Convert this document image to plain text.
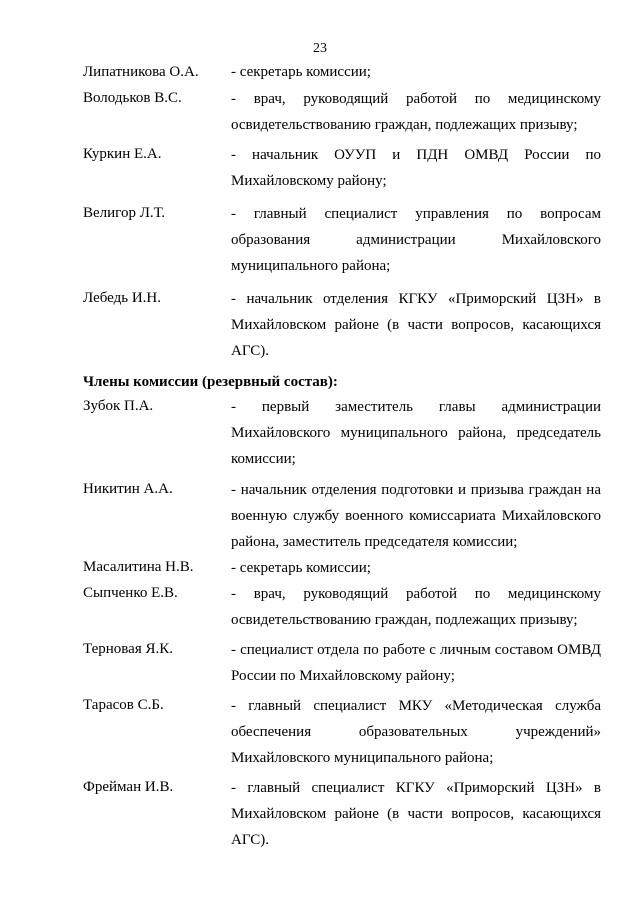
23
Липатникова О.А.	- секретарь комиссии;
Володьков В.С.	- врач, руководящий работой по медицинскому освидетельствованию граждан, подлежащих призыву;
Куркин Е.А.	- начальник ОУУП и ПДН ОМВД России по Михайловскому району;
Велигор Л.Т.	- главный специалист управления по вопросам образования администрации Михайловского муниципального района;
Лебедь И.Н.	- начальник отделения КГКУ «Приморский ЦЗН» в Михайловском районе (в части вопросов, касающихся АГС).
Члены комиссии (резервный состав):
Зубок П.А.	- первый заместитель главы администрации Михайловского муниципального района, председатель комиссии;
Никитин А.А.	- начальник отделения подготовки и призыва граждан на военную службу военного комиссариата Михайловского района, заместитель председателя комиссии;
Масалитина Н.В.	- секретарь комиссии;
Сыпченко Е.В.	- врач, руководящий работой по медицинскому освидетельствованию граждан, подлежащих призыву;
Терновая Я.К.	- специалист отдела по работе с личным составом ОМВД России по Михайловскому району;
Тарасов С.Б.	- главный специалист МКУ «Методическая служба обеспечения образовательных учреждений» Михайловского муниципального района;
Фрейман И.В.	- главный специалист КГКУ «Приморский ЦЗН» в Михайловском районе (в части вопросов, касающихся АГС).
